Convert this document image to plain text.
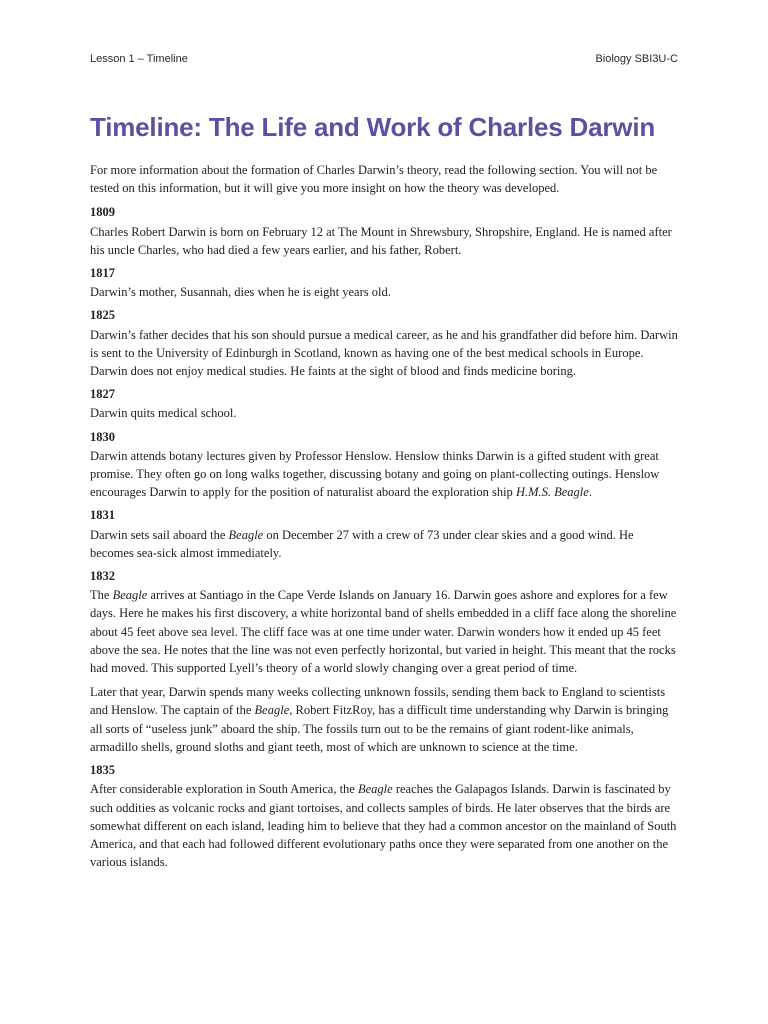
Lesson 1 – Timeline	Biology SBI3U-C
Timeline: The Life and Work of Charles Darwin

For more information about the formation of Charles Darwin’s theory, read the following section. You will not be tested on this information, but it will give you more insight on how the theory was developed.

1809

Charles Robert Darwin is born on February 12 at The Mount in Shrewsbury, Shropshire, England. He is named after his uncle Charles, who had died a few years earlier, and his father, Robert.

1817

Darwin’s mother, Susannah, dies when he is eight years old.

1825

Darwin’s father decides that his son should pursue a medical career, as he and his grandfather did before him. Darwin is sent to the University of Edinburgh in Scotland, known as having one of the best medical schools in Europe. Darwin does not enjoy medical studies. He faints at the sight of blood and finds medicine boring.

1827

Darwin quits medical school.

1830

Darwin attends botany lectures given by Professor Henslow. Henslow thinks Darwin is a gifted student with great promise. They often go on long walks together, discussing botany and going on plant-collecting outings. Henslow encourages Darwin to apply for the position of naturalist aboard the exploration ship H.M.S. Beagle.

1831

Darwin sets sail aboard the Beagle on December 27 with a crew of 73 under clear skies and a good wind. He becomes sea-sick almost immediately.

1832

The Beagle arrives at Santiago in the Cape Verde Islands on January 16. Darwin goes ashore and explores for a few days. Here he makes his first discovery, a white horizontal band of shells embedded in a cliff face along the shoreline about 45 feet above sea level. The cliff face was at one time under water. Darwin wonders how it ended up 45 feet above the sea. He notes that the line was not even perfectly horizontal, but varied in height. This meant that the rocks had moved. This supported Lyell’s theory of a world slowly changing over a great period of time.

Later that year, Darwin spends many weeks collecting unknown fossils, sending them back to England to scientists and Henslow. The captain of the Beagle, Robert FitzRoy, has a difficult time understanding why Darwin is bringing all sorts of “useless junk” aboard the ship. The fossils turn out to be the remains of giant rodent-like animals, armadillo shells, ground sloths and giant teeth, most of which are unknown to science at the time.

1835

After considerable exploration in South America, the Beagle reaches the Galapagos Islands. Darwin is fascinated by such oddities as volcanic rocks and giant tortoises, and collects samples of birds. He later observes that the birds are somewhat different on each island, leading him to believe that they had a common ancestor on the mainland of South America, and that each had followed different evolutionary paths once they were separated from one another on the various islands.
